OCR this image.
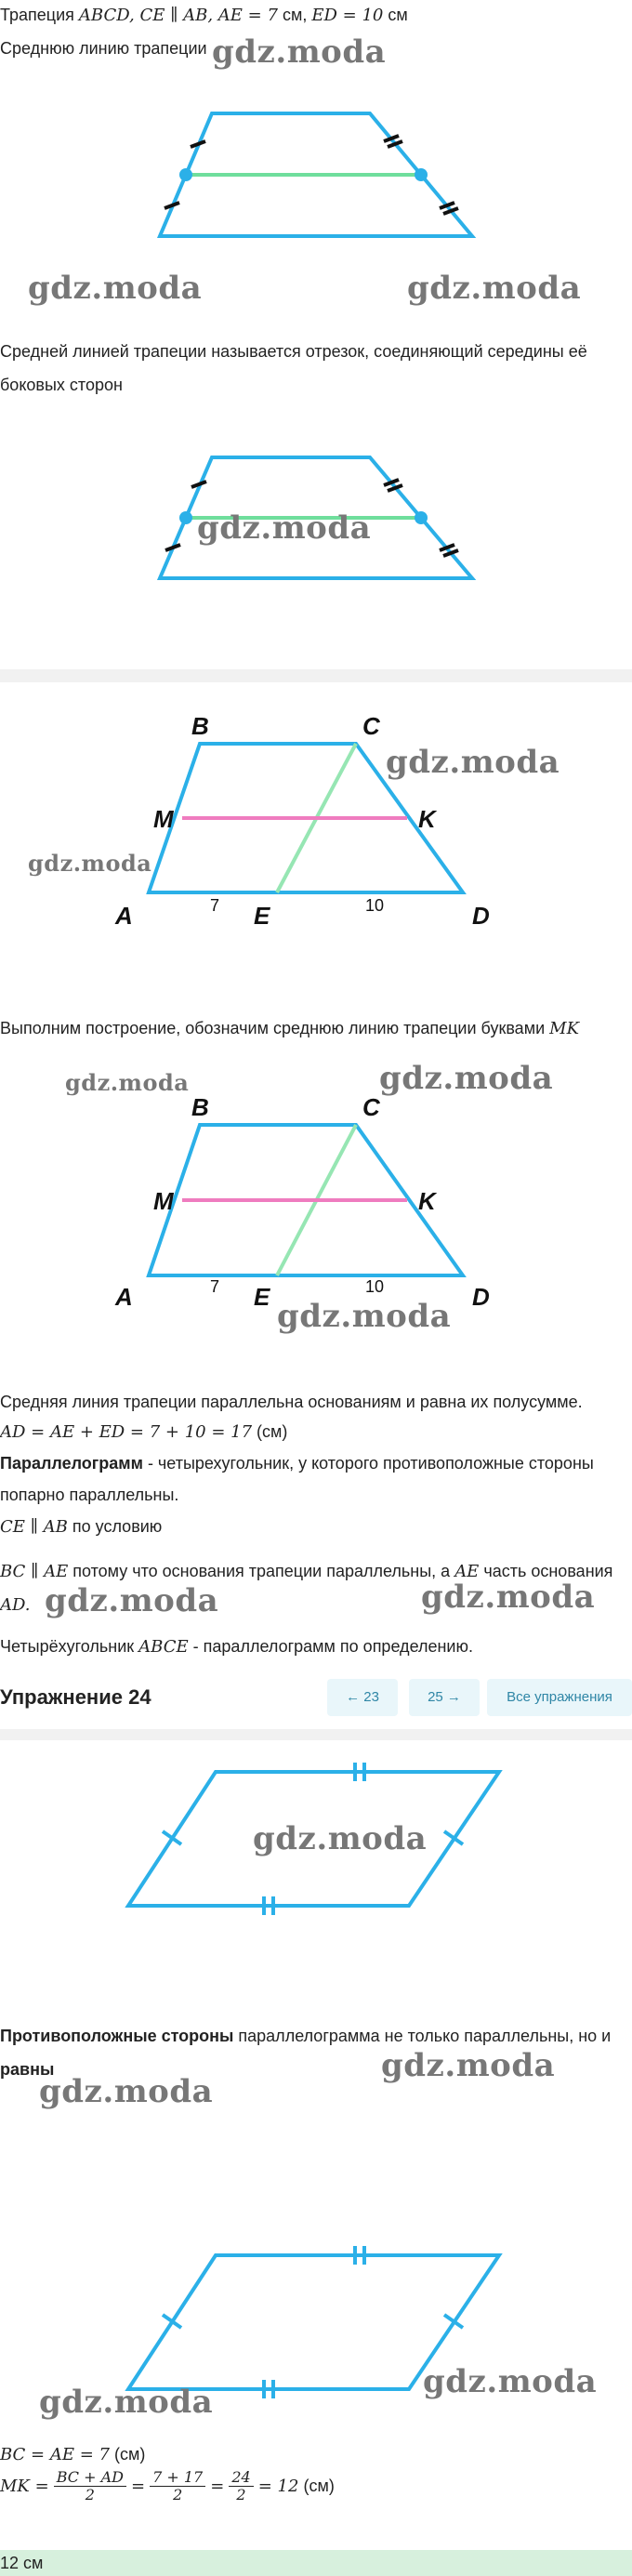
Трапеция ABCD, CE ∥ AB, AE = 7 см, ED = 10 см
Среднюю линию трапеции gdz.moda
gdz.moda	gdz.moda
Средней линией трапеции называется отрезок, соединяющий середины её
боковых сторон
gdz.moda
B	C
M	K
A	E	D
7	10
gdz.moda
gdz.moda
Выполним построение, обозначим среднюю линию трапеции буквами MK
B	C
M	K
A	E	D
7	10
gdz.moda	gdz.moda
gdz.moda
Средняя линия трапеции параллельна основаниям и равна их полусумме.
AD = AE + ED = 7 + 10 = 17 (см)
Параллелограмм - четырехугольник, у которого противоположные стороны
попарно параллельны.
CE ∥ AB по условию
BC ∥ AE потому что основания трапеции параллельны, а AE часть основания
AD. gdz.moda	gdz.moda
Четырёхугольник ABCE - параллелограмм по определению.
Упражнение 24	← 23	25 →	Все упражнения
gdz.moda
Противоположные стороны параллелограмма не только параллельны, но и
равны	gdz.moda
gdz.moda
gdz.moda
gdz.moda
BC = AE = 7 (см)
MK = $\frac{BC + AD}{2} = \frac{7 + 17}{2} = \frac{24}{2} = 12$ (см)
12 см
